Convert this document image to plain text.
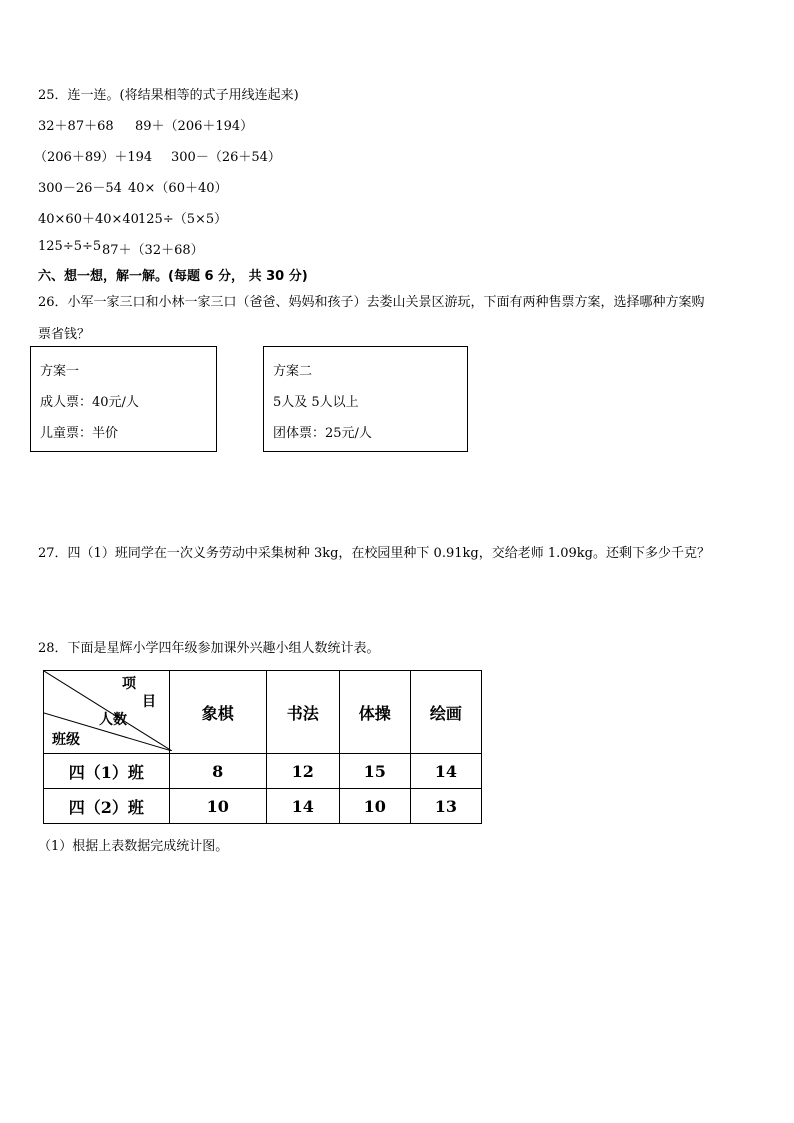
25．连一连。(将结果相等的式子用线连起来)
32＋87＋68 89＋（206＋194）
（206＋89）＋194 300－（26＋54）
300－26－54 40×（60＋40）
40×60＋40×40 125÷（5×5）
125÷5÷5 87＋（32＋68）
六、想一想，解一解。(每题 6 分， 共 30 分)
26．小军一家三口和小林一家三口（爸爸、妈妈和孩子）去娄山关景区游玩，下面有两种售票方案，选择哪种方案购
票省钱？
方案一
成人票：40元/人
儿童票：半价
方案二
5人及 5人以上
团体票：25元/人
27．四（1）班同学在一次义务劳动中采集树种 3kg，在校园里种下 0.91kg，交给老师 1.09kg。还剩下多少千克？
28．下面是星辉小学四年级参加课外兴趣小组人数统计表。
项
目
人数
班级	象棋	书法	体操	绘画
四（1）班	8	12	15	14
四（2）班	10	14	10	13
（1）根据上表数据完成统计图。
